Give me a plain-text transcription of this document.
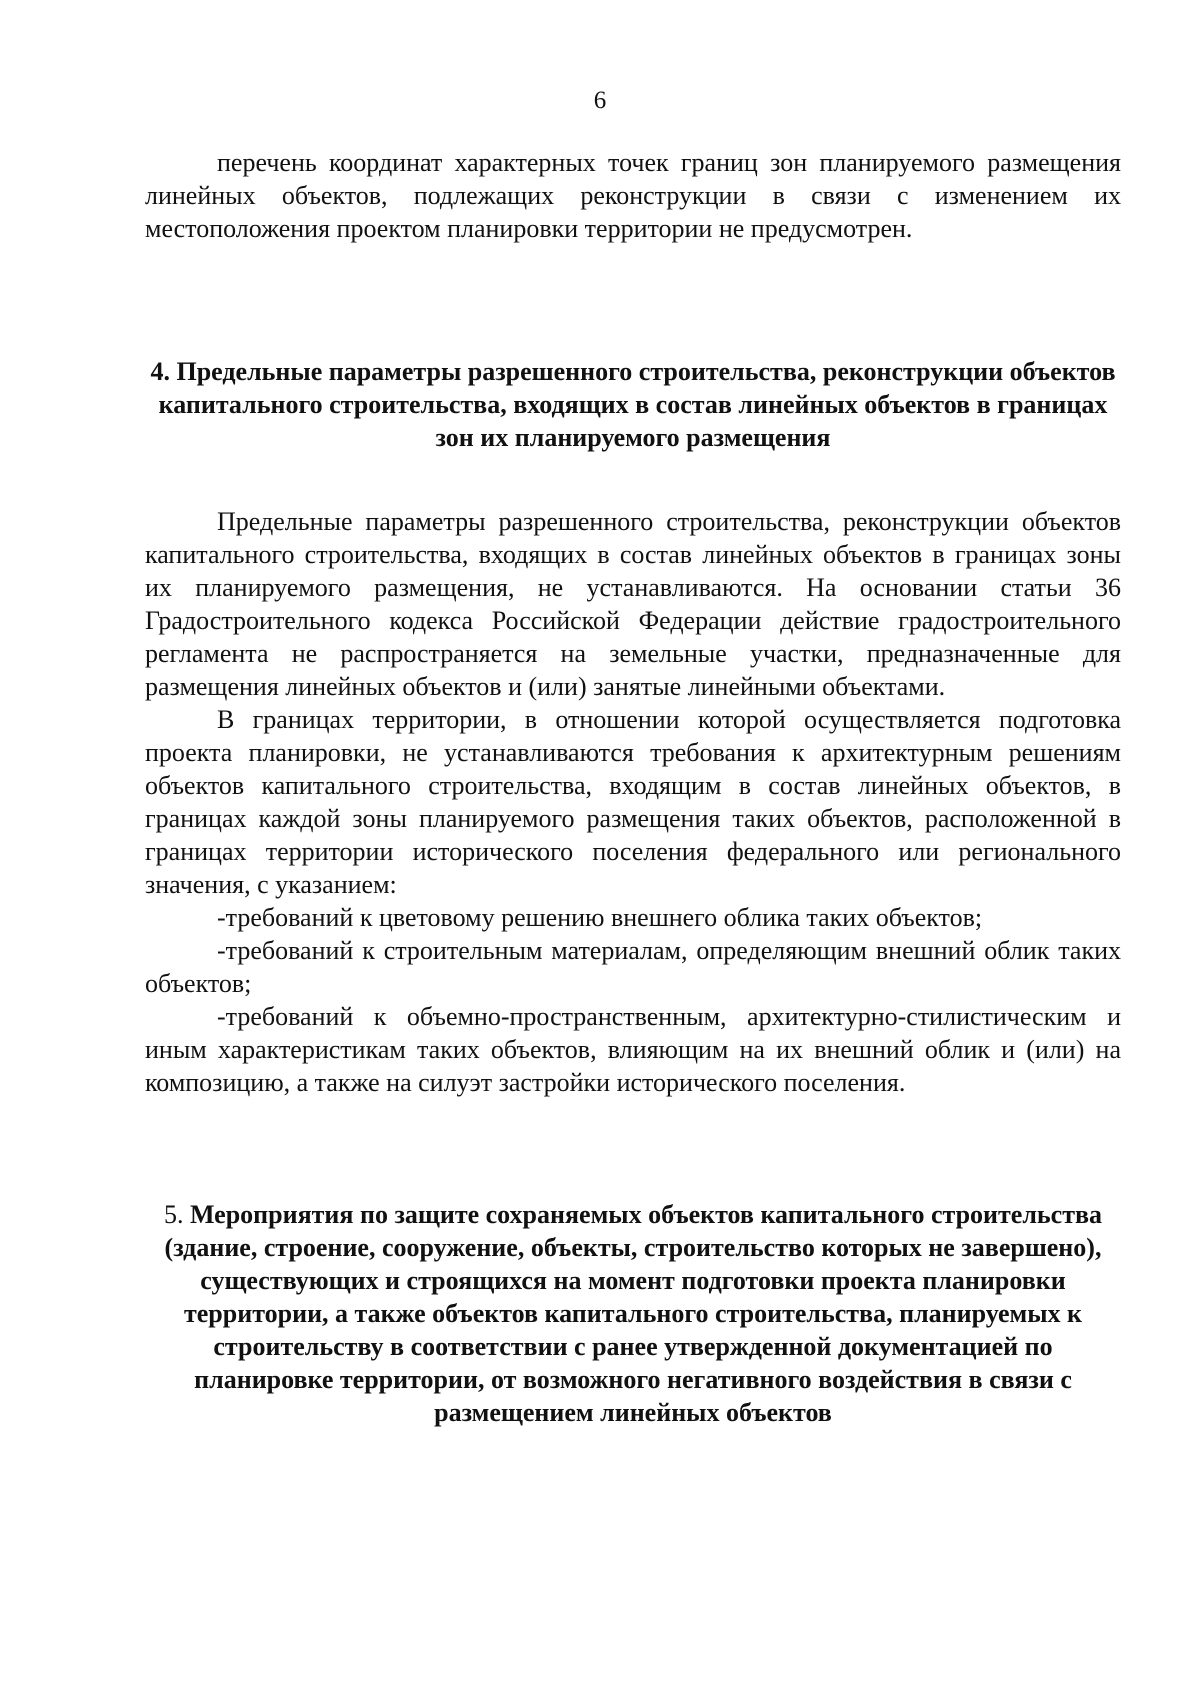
6

перечень координат характерных точек границ зон планируемого размещения линейных объектов, подлежащих реконструкции в связи с изменением их местоположения проектом планировки территории не предусмотрен.

4. Предельные параметры разрешенного строительства, реконструкции объектов капитального строительства, входящих в состав линейных объектов в границах зон их планируемого размещения

Предельные параметры разрешенного строительства, реконструкции объектов капитального строительства, входящих в состав линейных объектов в границах зоны их планируемого размещения, не устанавливаются. На основании статьи 36 Градостроительного кодекса Российской Федерации действие градостроительного регламента не распространяется на земельные участки, предназначенные для размещения линейных объектов и (или) занятые линейными объектами.

В границах территории, в отношении которой осуществляется подготовка проекта планировки, не устанавливаются требования к архитектурным решениям объектов капитального строительства, входящим в состав линейных объектов, в границах каждой зоны планируемого размещения таких объектов, расположенной в границах территории исторического поселения федерального или регионального значения, с указанием:

-требований к цветовому решению внешнего облика таких объектов;

-требований к строительным материалам, определяющим внешний облик таких объектов;

-требований к объемно-пространственным, архитектурно-стилистическим и иным характеристикам таких объектов, влияющим на их внешний облик и (или) на композицию, а также на силуэт застройки исторического поселения.

5. Мероприятия по защите сохраняемых объектов капитального строительства (здание, строение, сооружение, объекты, строительство которых не завершено), существующих и строящихся на момент подготовки проекта планировки территории, а также объектов капитального строительства, планируемых к строительству в соответствии с ранее утвержденной документацией по планировке территории, от возможного негативного воздействия в связи с размещением линейных объектов
